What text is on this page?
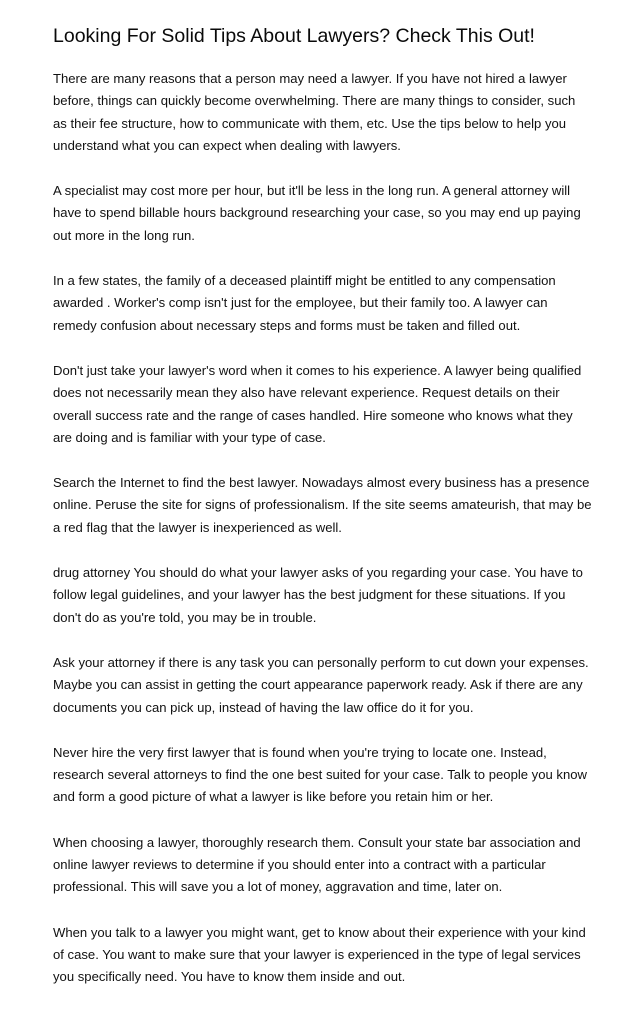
Looking For Solid Tips About Lawyers? Check This Out!
There are many reasons that a person may need a lawyer. If you have not hired a lawyer
before, things can quickly become overwhelming. There are many things to consider, such
as their fee structure, how to communicate with them, etc. Use the tips below to help you
understand what you can expect when dealing with lawyers.
A specialist may cost more per hour, but it'll be less in the long run. A general attorney will
have to spend billable hours background researching your case, so you may end up paying
out more in the long run.
In a few states, the family of a deceased plaintiff might be entitled to any compensation
awarded . Worker's comp isn't just for the employee, but their family too. A lawyer can
remedy confusion about necessary steps and forms must be taken and filled out.
Don't just take your lawyer's word when it comes to his experience. A lawyer being qualified
does not necessarily mean they also have relevant experience. Request details on their
overall success rate and the range of cases handled. Hire someone who knows what they
are doing and is familiar with your type of case.
Search the Internet to find the best lawyer. Nowadays almost every business has a presence
online. Peruse the site for signs of professionalism. If the site seems amateurish, that may be
a red flag that the lawyer is inexperienced as well.
drug attorney You should do what your lawyer asks of you regarding your case. You have to
follow legal guidelines, and your lawyer has the best judgment for these situations. If you
don't do as you're told, you may be in trouble.
Ask your attorney if there is any task you can personally perform to cut down your expenses.
Maybe you can assist in getting the court appearance paperwork ready. Ask if there are any
documents you can pick up, instead of having the law office do it for you.
Never hire the very first lawyer that is found when you're trying to locate one. Instead,
research several attorneys to find the one best suited for your case. Talk to people you know
and form a good picture of what a lawyer is like before you retain him or her.
When choosing a lawyer, thoroughly research them. Consult your state bar association and
online lawyer reviews to determine if you should enter into a contract with a particular
professional. This will save you a lot of money, aggravation and time, later on.
When you talk to a lawyer you might want, get to know about their experience with your kind
of case. You want to make sure that your lawyer is experienced in the type of legal services
you specifically need. You have to know them inside and out.
